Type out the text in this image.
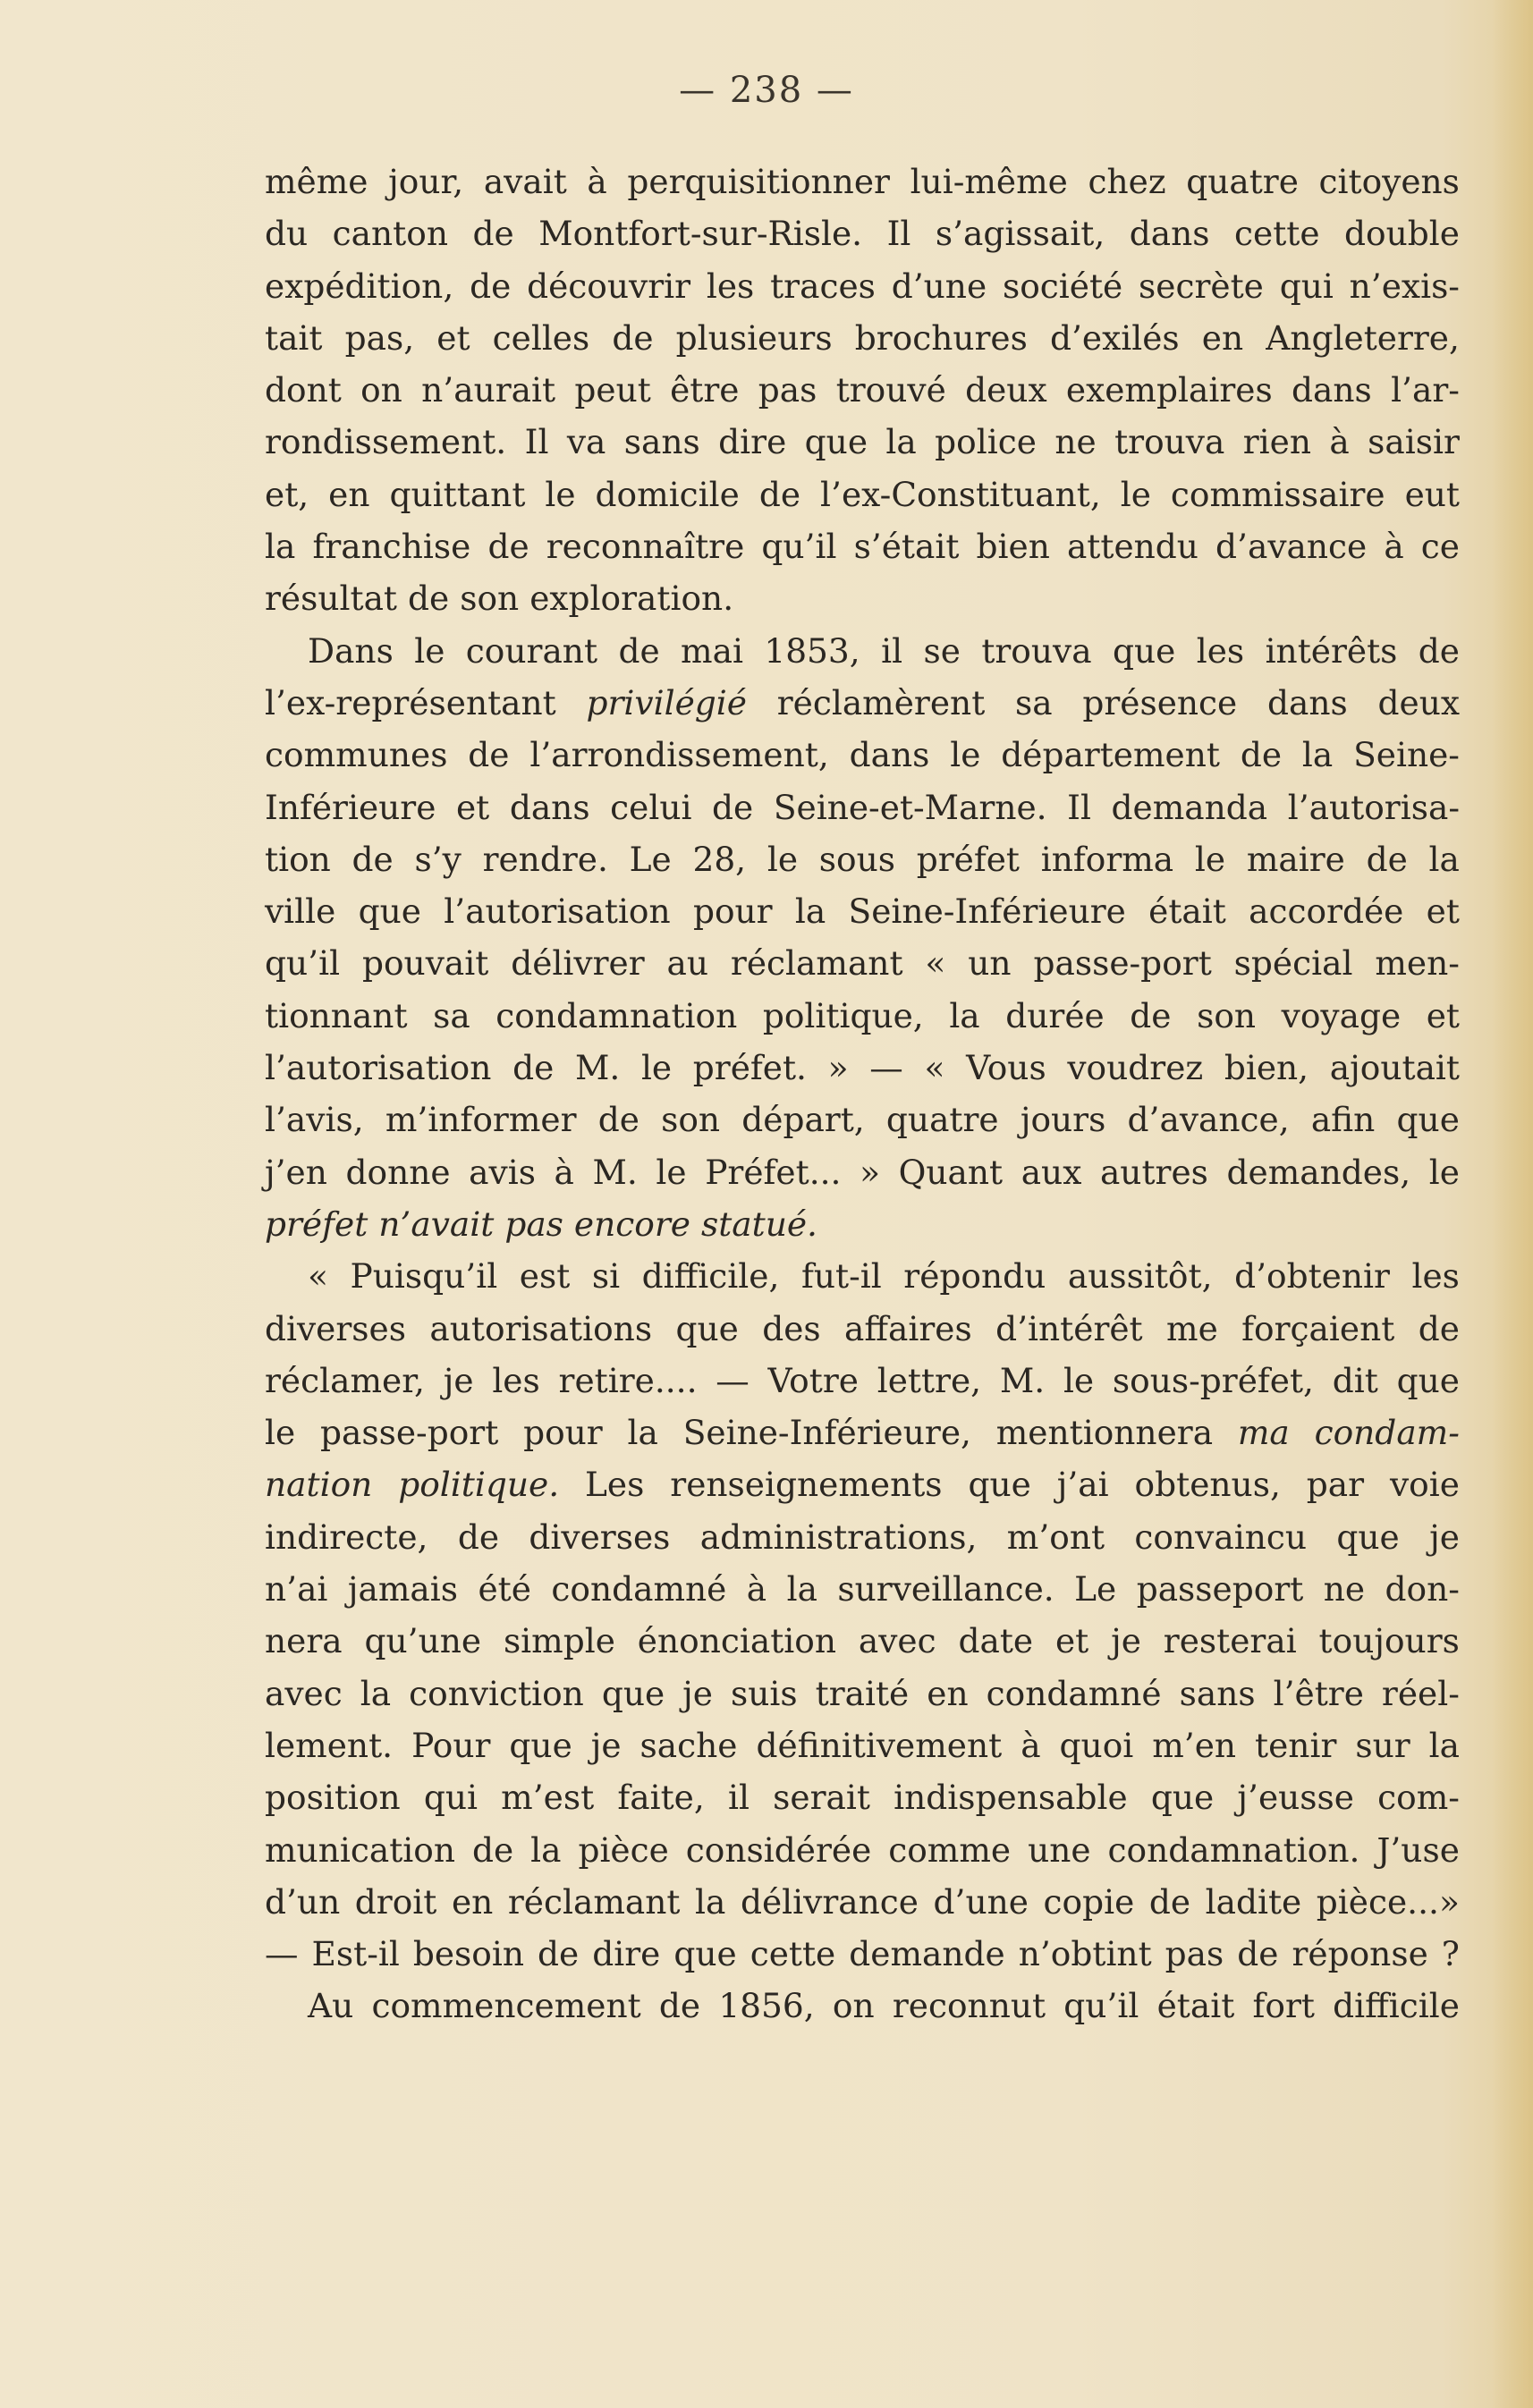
— 238 —
même jour, avait à perquisitionner lui-même chez quatre citoyens
du canton de Montfort-sur-Risle. Il s’agissait, dans cette double
expédition, de découvrir les traces d’une société secrète qui n’exis-
tait pas, et celles de plusieurs brochures d’exilés en Angleterre,
dont on n’aurait peut être pas trouvé deux exemplaires dans l’ar-
rondissement. Il va sans dire que la police ne trouva rien à saisir
et, en quittant le domicile de l’ex-Constituant, le commissaire eut
la franchise de reconnaître qu’il s’était bien attendu d’avance à ce
résultat de son exploration.
Dans le courant de mai 1853, il se trouva que les intérêts de
l’ex-représentant privilégié réclamèrent sa présence dans deux
communes de l’arrondissement, dans le département de la Seine-
Inférieure et dans celui de Seine-et-Marne. Il demanda l’autorisa-
tion de s’y rendre. Le 28, le sous préfet informa le maire de la
ville que l’autorisation pour la Seine-Inférieure était accordée et
qu’il pouvait délivrer au réclamant « un passe-port spécial men-
tionnant sa condamnation politique, la durée de son voyage et
l’autorisation de M. le préfet. » — « Vous voudrez bien, ajoutait
l’avis, m’informer de son départ, quatre jours d’avance, afin que
j’en donne avis à M. le Préfet... » Quant aux autres demandes, le
préfet n’avait pas encore statué.
« Puisqu’il est si difficile, fut-il répondu aussitôt, d’obtenir les
diverses autorisations que des affaires d’intérêt me forçaient de
réclamer, je les retire.... — Votre lettre, M. le sous-préfet, dit que
le passe-port pour la Seine-Inférieure, mentionnera ma condam-
nation politique. Les renseignements que j’ai obtenus, par voie
indirecte, de diverses administrations, m’ont convaincu que je
n’ai jamais été condamné à la surveillance. Le passeport ne don-
nera qu’une simple énonciation avec date et je resterai toujours
avec la conviction que je suis traité en condamné sans l’être réel-
lement. Pour que je sache définitivement à quoi m’en tenir sur la
position qui m’est faite, il serait indispensable que j’eusse com-
munication de la pièce considérée comme une condamnation. J’use
d’un droit en réclamant la délivrance d’une copie de ladite pièce...»
— Est-il besoin de dire que cette demande n’obtint pas de réponse ?
Au commencement de 1856, on reconnut qu’il était fort difficile
